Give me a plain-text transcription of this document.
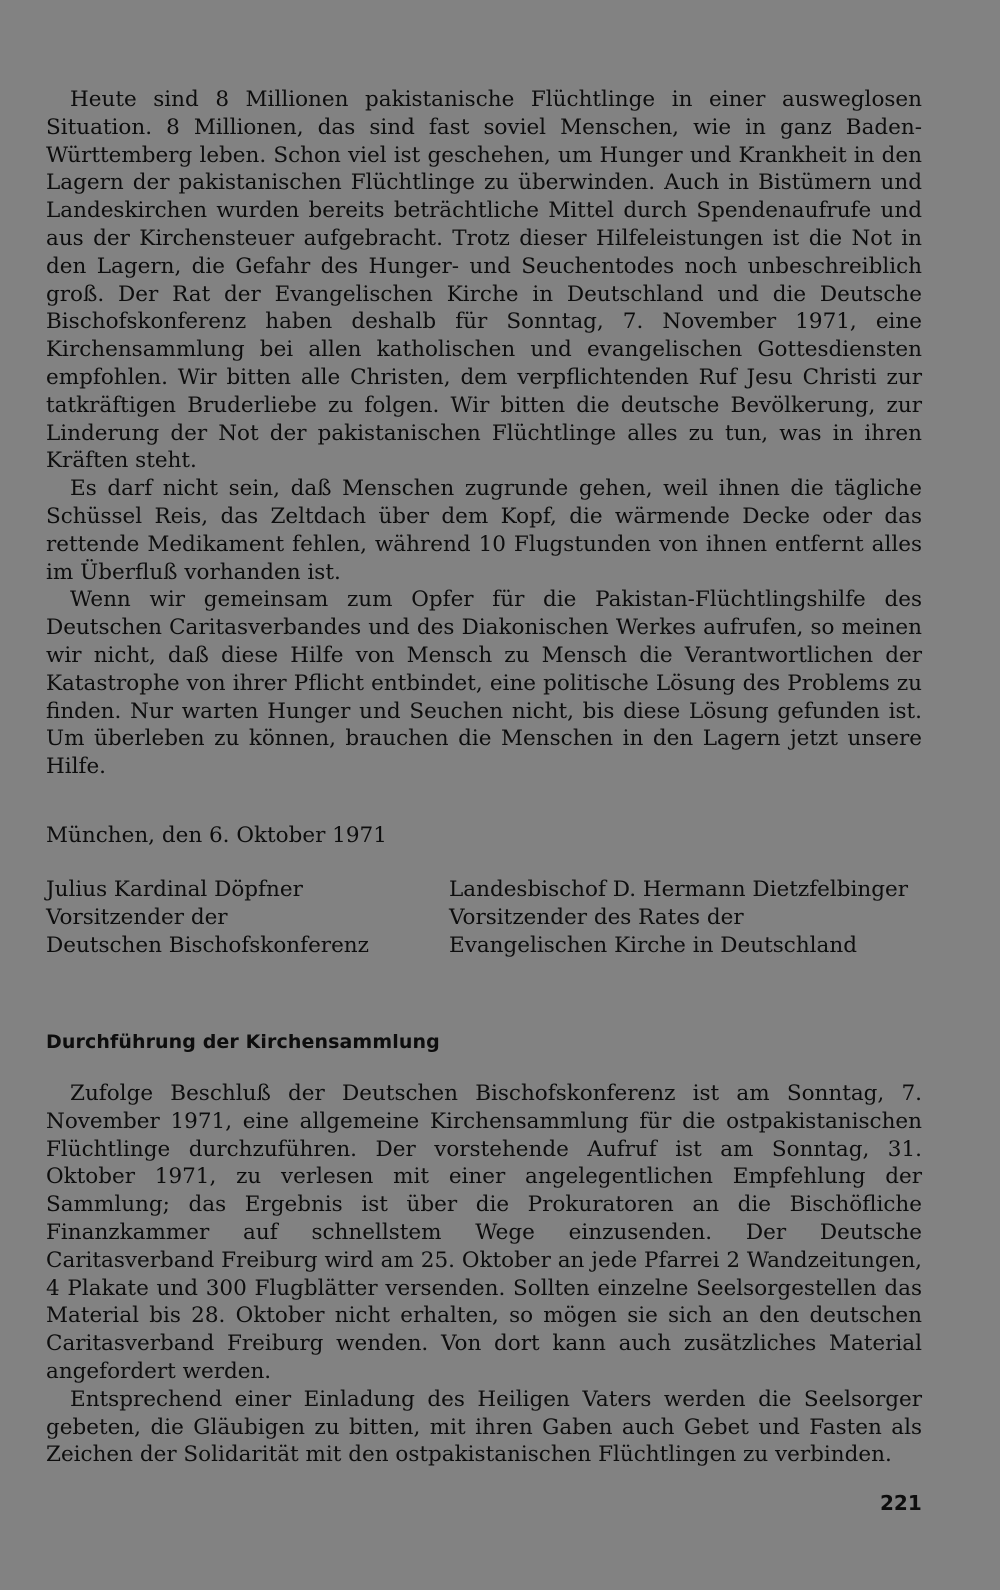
Heute sind 8 Millionen pakistanische Flüchtlinge in einer ausweglosen Situation. 8 Millionen, das sind fast soviel Menschen, wie in ganz Baden-Württemberg leben. Schon viel ist geschehen, um Hunger und Krankheit in den Lagern der pakistanischen Flüchtlinge zu überwinden. Auch in Bistümern und Landeskirchen wurden bereits beträchtliche Mittel durch Spendenaufrufe und aus der Kirchensteuer aufgebracht. Trotz dieser Hilfeleistungen ist die Not in den Lagern, die Gefahr des Hunger- und Seuchentodes noch unbeschreiblich groß. Der Rat der Evangelischen Kirche in Deutschland und die Deutsche Bischofskonferenz haben deshalb für Sonntag, 7. November 1971, eine Kirchensammlung bei allen katholischen und evangelischen Gottesdiensten empfohlen. Wir bitten alle Christen, dem verpflichtenden Ruf Jesu Christi zur tatkräftigen Bruderliebe zu folgen. Wir bitten die deutsche Bevölkerung, zur Linderung der Not der pakistanischen Flüchtlinge alles zu tun, was in ihren Kräften steht.

Es darf nicht sein, daß Menschen zugrunde gehen, weil ihnen die tägliche Schüssel Reis, das Zeltdach über dem Kopf, die wärmende Decke oder das rettende Medikament fehlen, während 10 Flugstunden von ihnen entfernt alles im Überfluß vorhanden ist.

Wenn wir gemeinsam zum Opfer für die Pakistan-Flüchtlingshilfe des Deutschen Caritasverbandes und des Diakonischen Werkes aufrufen, so meinen wir nicht, daß diese Hilfe von Mensch zu Mensch die Verantwortlichen der Katastrophe von ihrer Pflicht entbindet, eine politische Lösung des Problems zu finden. Nur warten Hunger und Seuchen nicht, bis diese Lösung gefunden ist. Um überleben zu können, brauchen die Menschen in den Lagern jetzt unsere Hilfe.

München, den 6. Oktober 1971

Julius Kardinal Döpfner
Vorsitzender der
Deutschen Bischofskonferenz
Landesbischof D. Hermann Dietzfelbinger
Vorsitzender des Rates der
Evangelischen Kirche in Deutschland
Durchführung der Kirchensammlung

Zufolge Beschluß der Deutschen Bischofskonferenz ist am Sonntag, 7. November 1971, eine allgemeine Kirchensammlung für die ostpakistanischen Flüchtlinge durchzuführen. Der vorstehende Aufruf ist am Sonntag, 31. Oktober 1971, zu verlesen mit einer angelegentlichen Empfehlung der Sammlung; das Ergebnis ist über die Prokuratoren an die Bischöfliche Finanzkammer auf schnellstem Wege einzusenden. Der Deutsche Caritasverband Freiburg wird am 25. Oktober an jede Pfarrei 2 Wandzeitungen, 4 Plakate und 300 Flugblätter versenden. Sollten einzelne Seelsorgestellen das Material bis 28. Oktober nicht erhalten, so mögen sie sich an den deutschen Caritasverband Freiburg wenden. Von dort kann auch zusätzliches Material angefordert werden.

Entsprechend einer Einladung des Heiligen Vaters werden die Seelsorger gebeten, die Gläubigen zu bitten, mit ihren Gaben auch Gebet und Fasten als Zeichen der Solidarität mit den ostpakistanischen Flüchtlingen zu verbinden.

221
